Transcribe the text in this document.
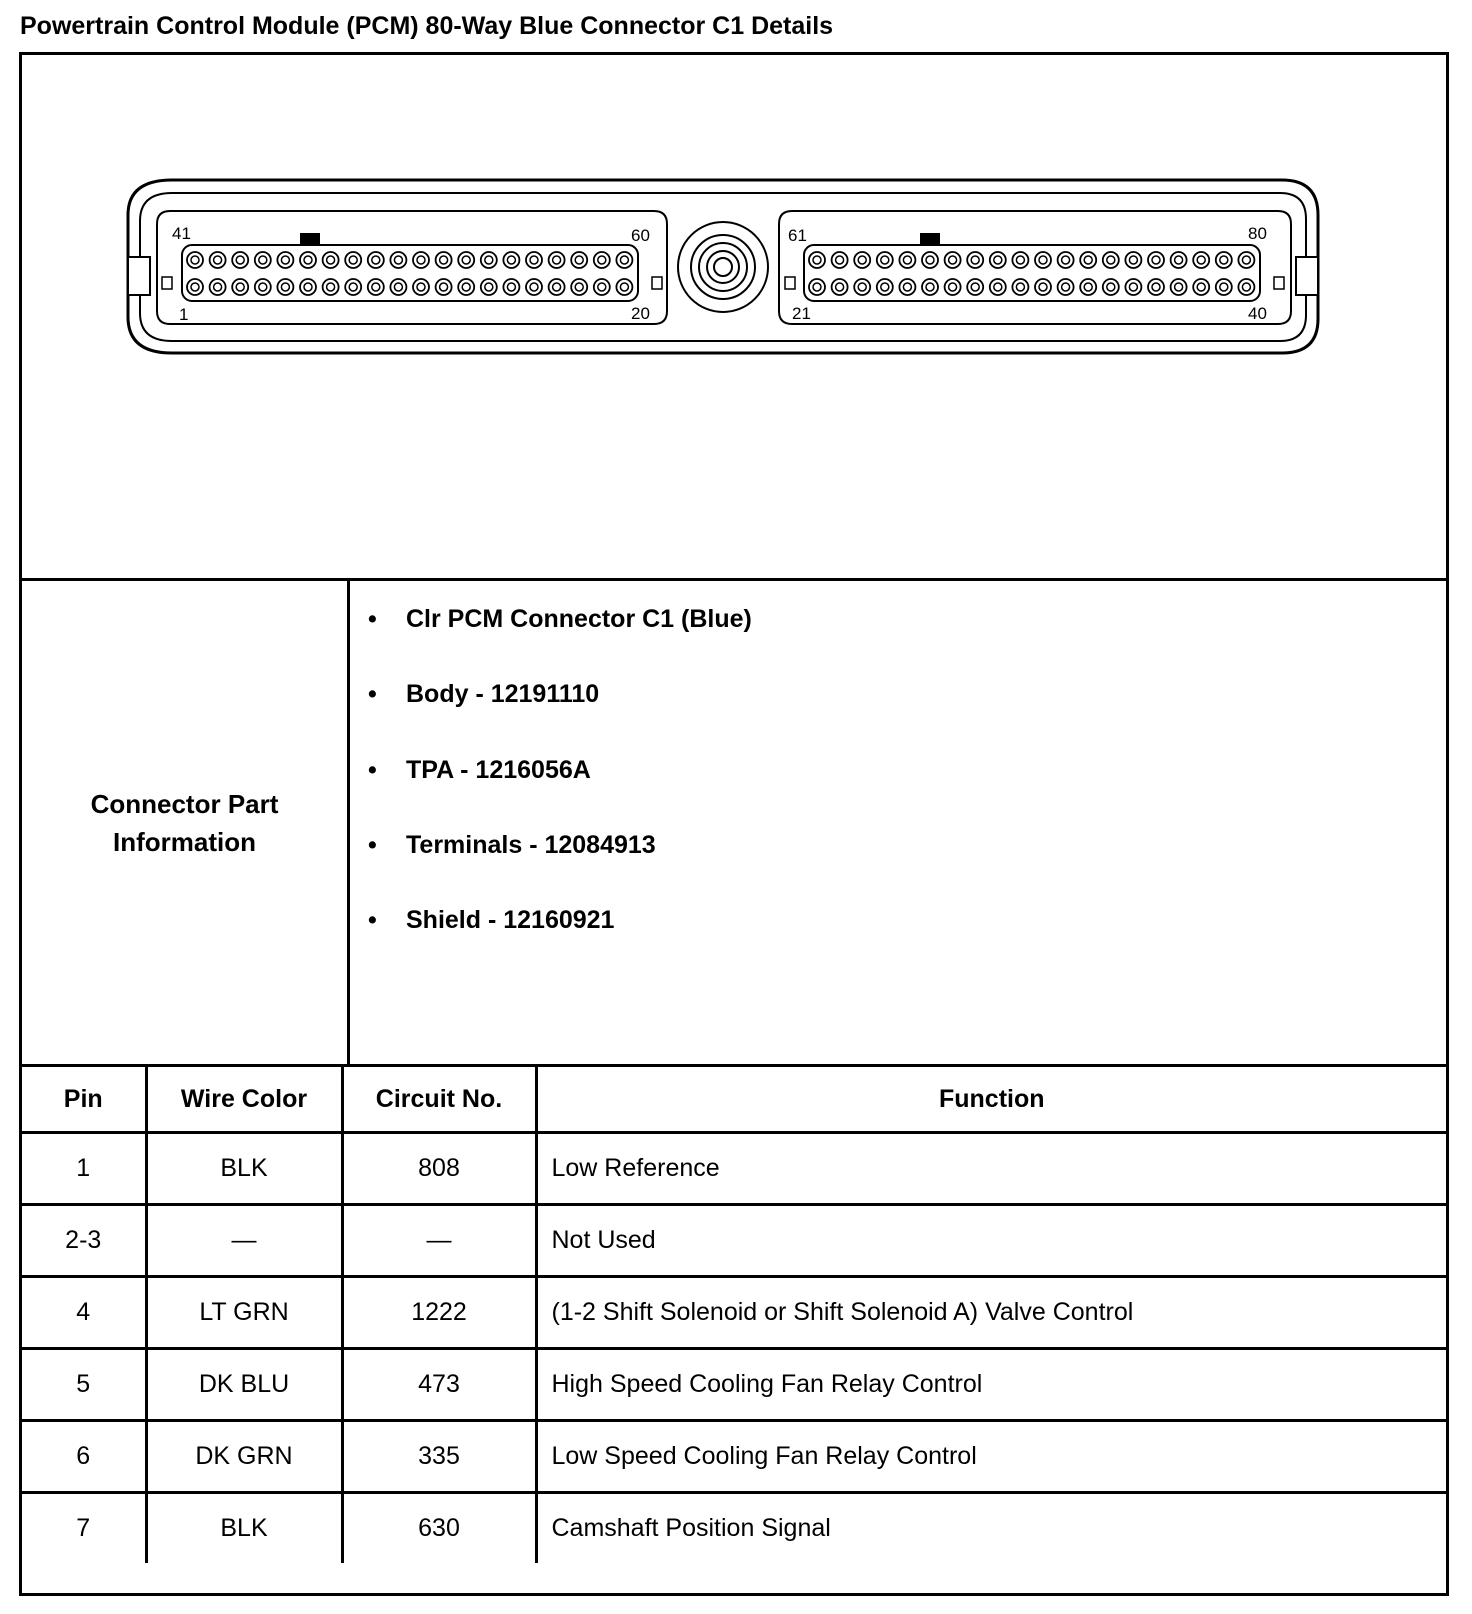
Powertrain Control Module (PCM) 80-Way Blue Connector C1 Details
41	60
1	20
61	80
21	40
Connector Part Information
• Clr PCM Connector C1 (Blue)
• Body - 12191110
• TPA - 1216056A
• Terminals - 12084913
• Shield - 12160921
Pin	Wire Color	Circuit No.	Function
1	BLK	808	Low Reference
2-3	—	—	Not Used
4	LT GRN	1222	(1-2 Shift Solenoid or Shift Solenoid A) Valve Control
5	DK BLU	473	High Speed Cooling Fan Relay Control
6	DK GRN	335	Low Speed Cooling Fan Relay Control
7	BLK	630	Camshaft Position Signal
